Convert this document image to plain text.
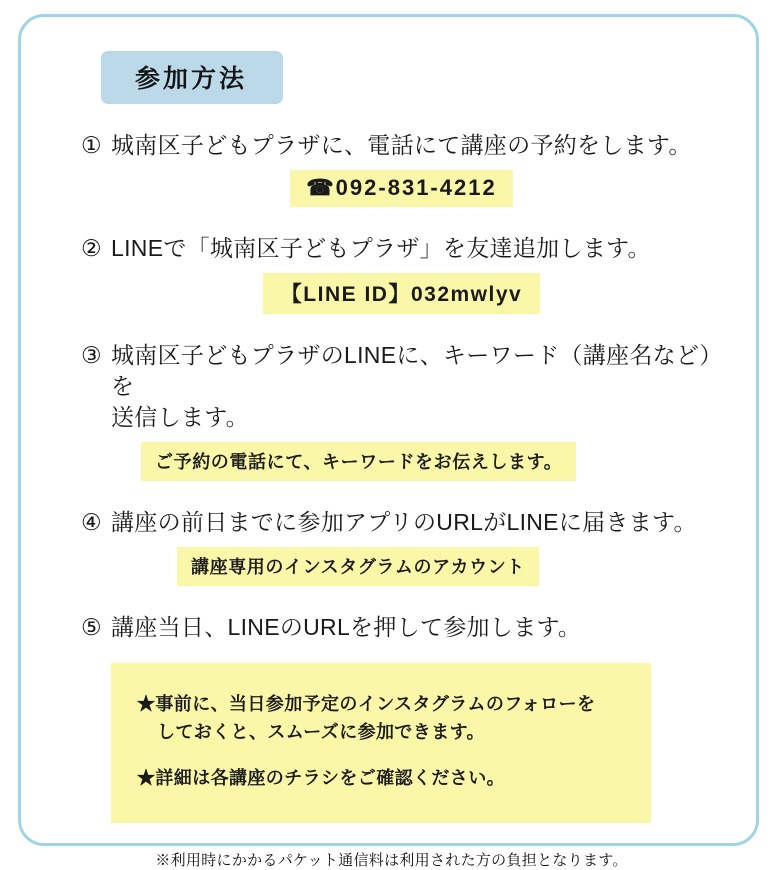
参加方法
① 城南区子どもプラザに、電話にて講座の予約をします。
☎092-831-4212
② LINEで「城南区子どもプラザ」を友達追加します。
【LINE ID】032mwlyv
③ 城南区子どもプラザのLINEに、キーワード（講座名など）を
送信します。
ご予約の電話にて、キーワードをお伝えします。
④ 講座の前日までに参加アプリのURLがLINEに届きます。
講座専用のインスタグラムのアカウント
⑤ 講座当日、LINEのURLを押して参加します。
★事前に、当日参加予定のインスタグラムのフォローを
しておくと、スムーズに参加できます。
★詳細は各講座のチラシをご確認ください。
※利用時にかかるパケット通信料は利用された方の負担となります。
